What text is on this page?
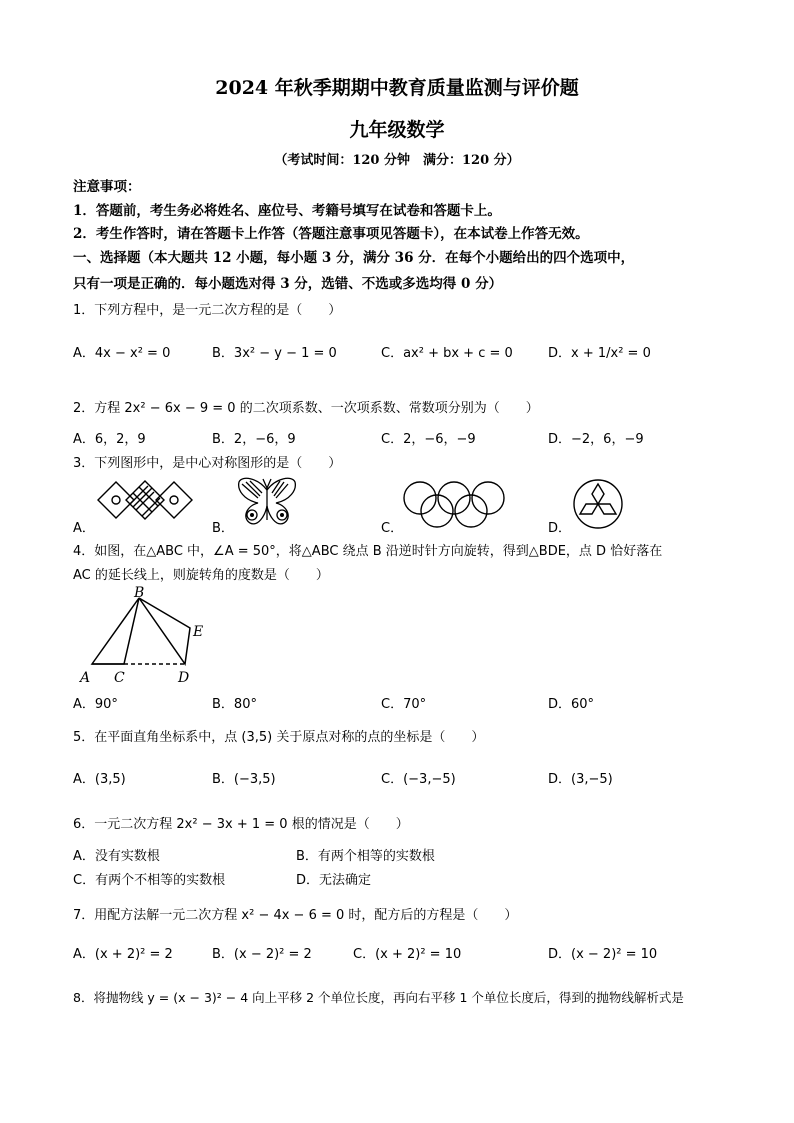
2024 年秋季期期中教育质量监测与评价题
九年级数学
（考试时间：120 分钟　满分：120 分）
注意事项：
1．答题前，考生务必将姓名、座位号、考籍号填写在试卷和答题卡上。
2．考生作答时，请在答题卡上作答（答题注意事项见答题卡），在本试卷上作答无效。
一、选择题（本大题共 12 小题，每小题 3 分，满分 36 分．在每个小题给出的四个选项中，
只有一项是正确的．每小题选对得 3 分，选错、不选或多选均得 0 分）
1．下列方程中，是一元二次方程的是（　　）
A．4x − x² = 0	B．3x² − y − 1 = 0	C．ax² + bx + c = 0	D．x + 1/x² = 0
2．方程 2x² − 6x − 9 = 0 的二次项系数、一次项系数、常数项分别为（　　）
A．6，2，9	B．2，−6，9	C．2，−6，−9	D．−2，6，−9
3．下列图形中，是中心对称图形的是（　　）
A．	B．	C．	D．
4．如图，在△ABC 中，∠A = 50°，将△ABC 绕点 B 沿逆时针方向旋转，得到△BDE，点 D 恰好落在
AC 的延长线上，则旋转角的度数是（　　）
B
E
A C	D
A．90°	B．80°	C．70°	D．60°
5．在平面直角坐标系中，点 (3,5) 关于原点对称的点的坐标是（　　）
A．(3,5)	B．(−3,5)	C．(−3,−5)	D．(3,−5)
6．一元二次方程 2x² − 3x + 1 = 0 根的情况是（　　）
A．没有实数根	B．有两个相等的实数根
C．有两个不相等的实数根	D．无法确定
7．用配方法解一元二次方程 x² − 4x − 6 = 0 时，配方后的方程是（　　）
A．(x + 2)² = 2	B．(x − 2)² = 2	C．(x + 2)² = 10	D．(x − 2)² = 10
8．将抛物线 y = (x − 3)² − 4 向上平移 2 个单位长度，再向右平移 1 个单位长度后，得到的抛物线解析式是
